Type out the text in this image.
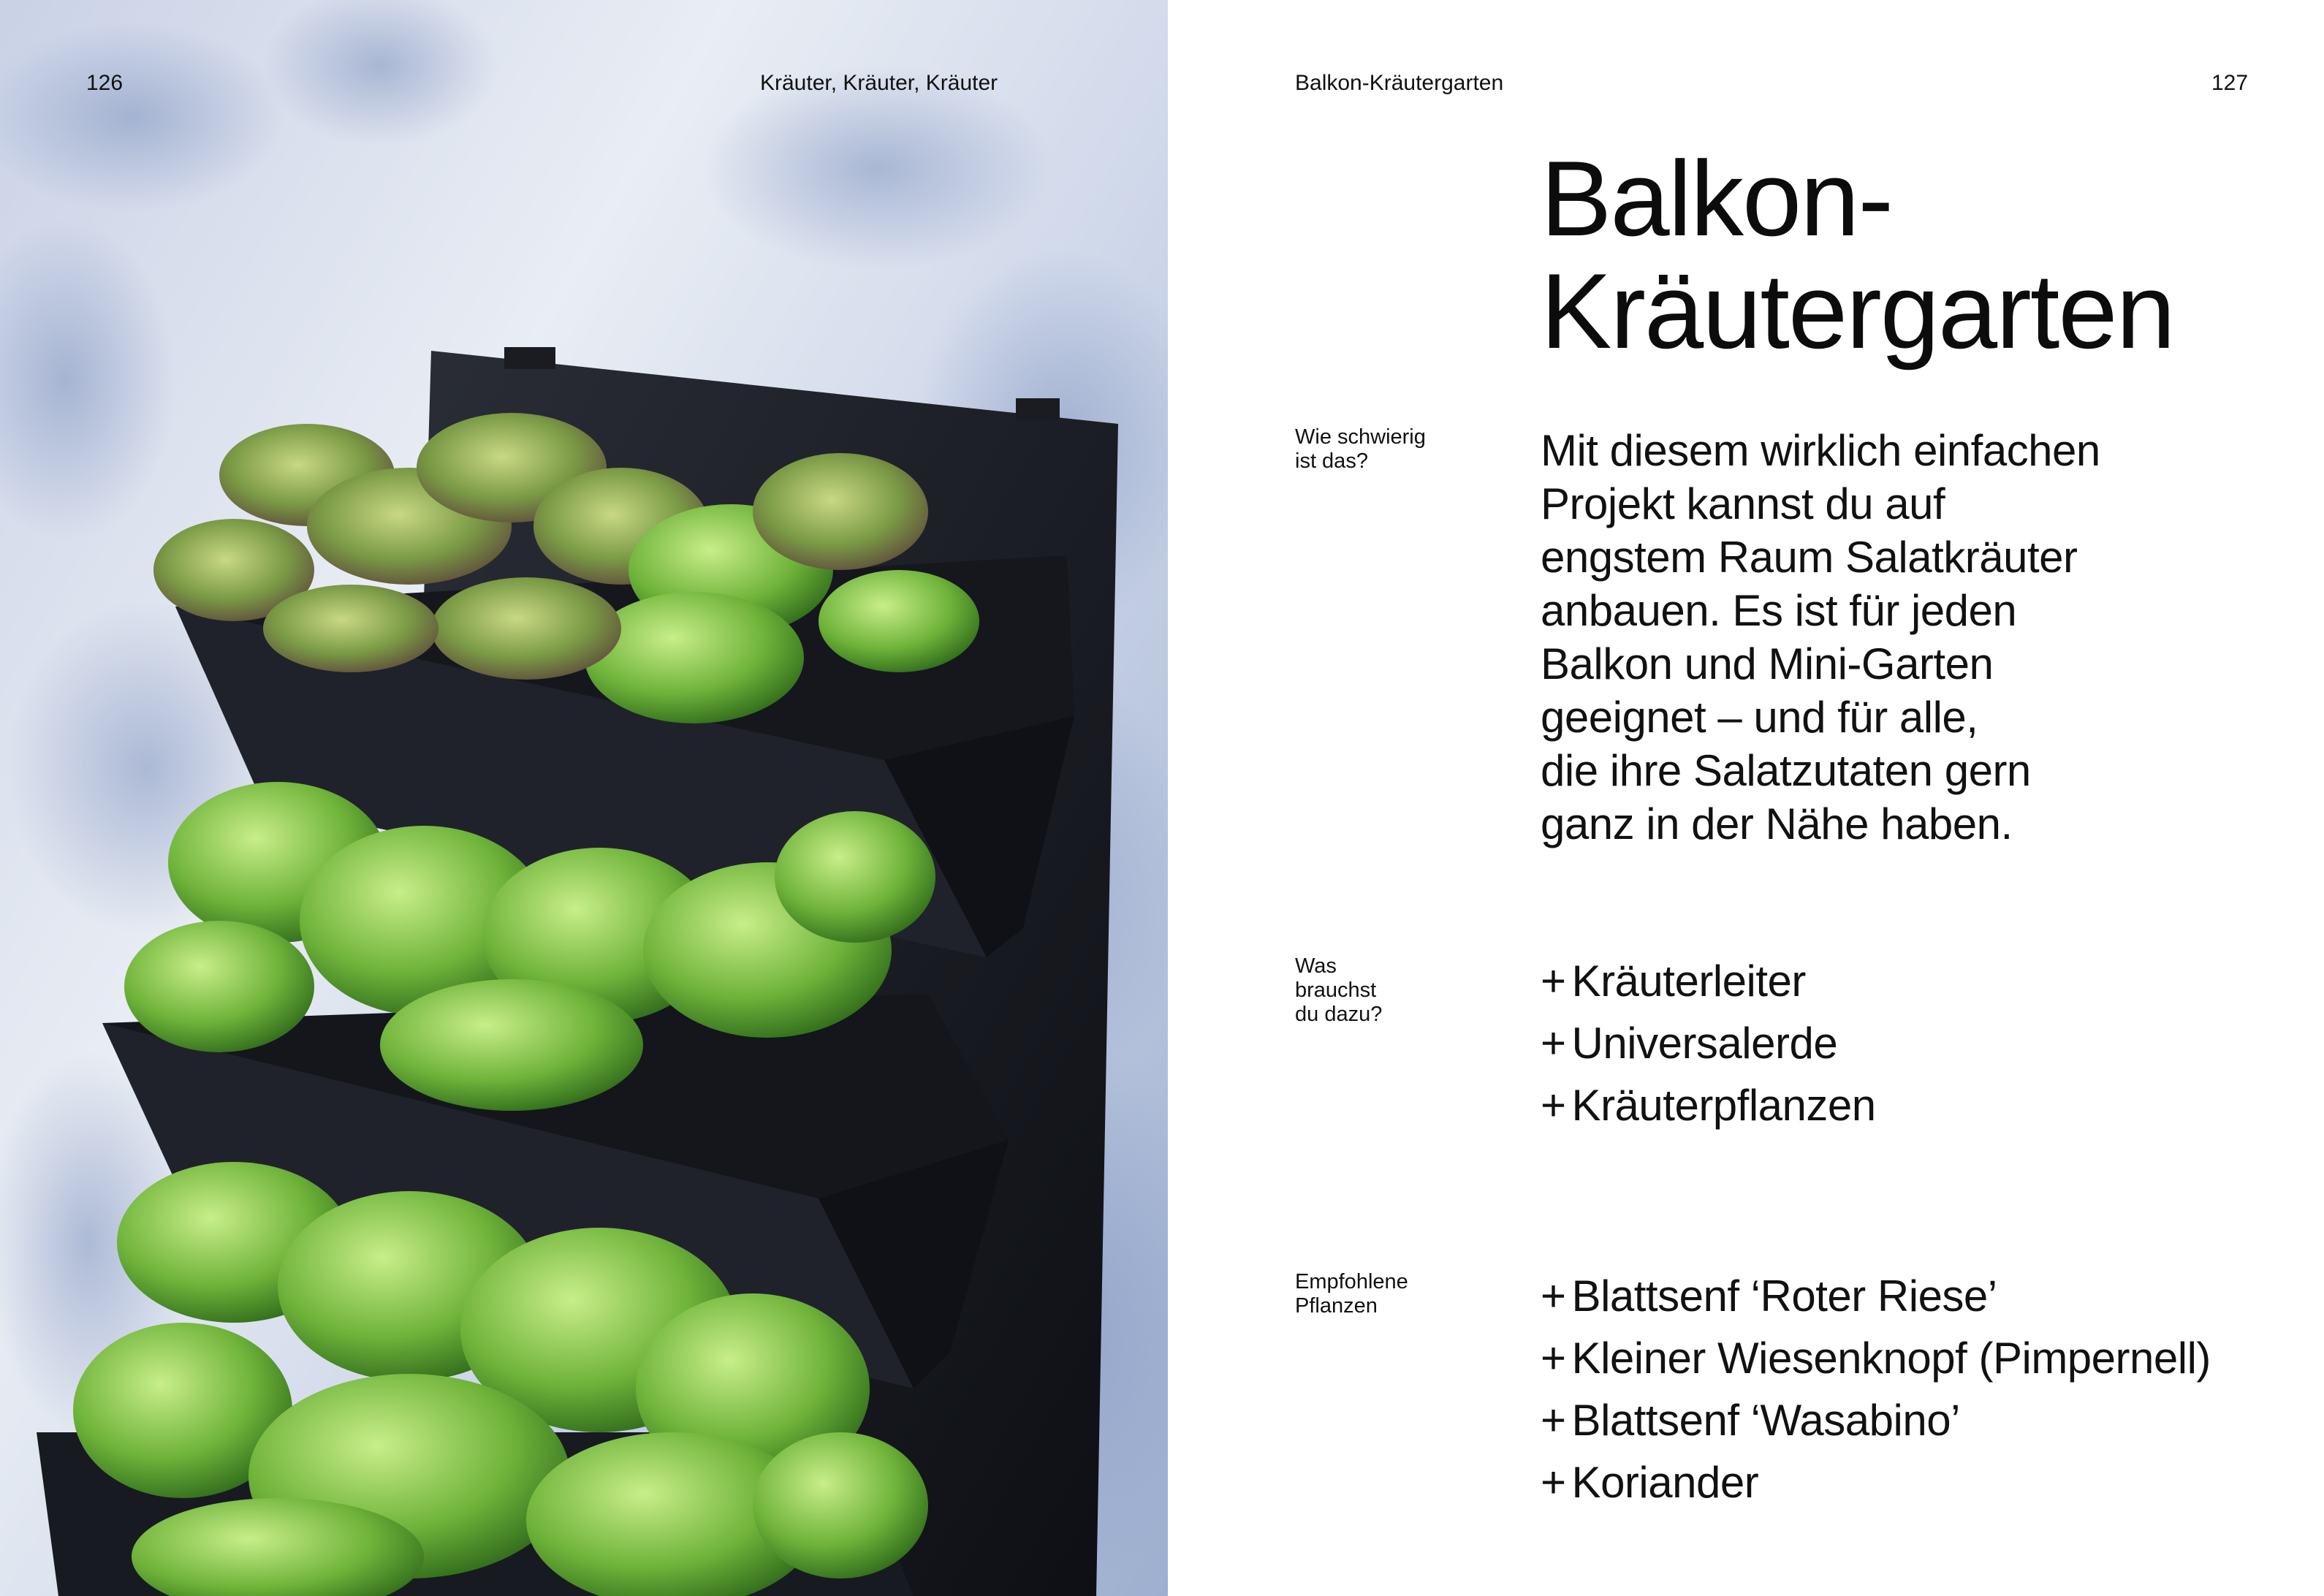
126	Kräuter, Kräuter, Kräuter	Balkon-Kräutergarten	127
Balkon-
Kräutergarten
Wie schwierig
ist das?	Mit diesem wirklich einfachen
Projekt kannst du auf
engstem Raum Salatkräuter
anbauen. Es ist für jeden
Balkon und Mini-Garten
geeignet – und für alle,
die ihre Salatzutaten gern
ganz in der Nähe haben.
Was
brauchst
du dazu?
+ Kräuterleiter
+ Universalerde
+ Kräuterpflanzen
Empfohlene
Pflanzen	+ Blattsenf ‘Roter Riese’
+ Kleiner Wiesenknopf (Pimpernell)
+ Blattsenf ‘Wasabino’
+ Koriander
